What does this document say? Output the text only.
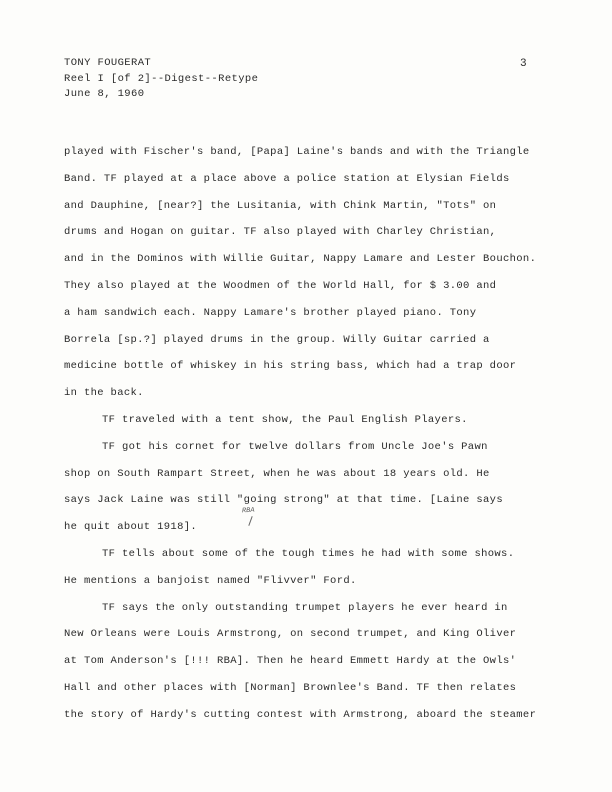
TONY FOUGERAT
Reel I [of 2]--Digest--Retype
June 8, 1960
3
played with Fischer's band, [Papa] Laine's bands and with the Triangle
Band. TF played at a place above a police station at Elysian Fields
and Dauphine, [near?] the Lusitania, with Chink Martin, "Tots" on
drums and Hogan on guitar. TF also played with Charley Christian,
and in the Dominos with Willie Guitar, Nappy Lamare and Lester Bouchon.
They also played at the Woodmen of the World Hall, for $ 3.00 and
a ham sandwich each. Nappy Lamare's brother played piano. Tony
Borrela [sp.?] played drums in the group. Willy Guitar carried a
medicine bottle of whiskey in his string bass, which had a trap door
in the back.
TF traveled with a tent show, the Paul English Players.
TF got his cornet for twelve dollars from Uncle Joe's Pawn
shop on South Rampart Street, when he was about 18 years old. He
says Jack Laine was still "going strong" at that time. [Laine says
he quit about 1918].
TF tells about some of the tough times he had with some shows.
He mentions a banjoist named "Flivver" Ford.
TF says the only outstanding trumpet players he ever heard in
New Orleans were Louis Armstrong, on second trumpet, and King Oliver
at Tom Anderson's [!!! RBA]. Then he heard Emmett Hardy at the Owls'
Hall and other places with [Norman] Brownlee's Band. TF then relates
the story of Hardy's cutting contest with Armstrong, aboard the steamer
RBA
